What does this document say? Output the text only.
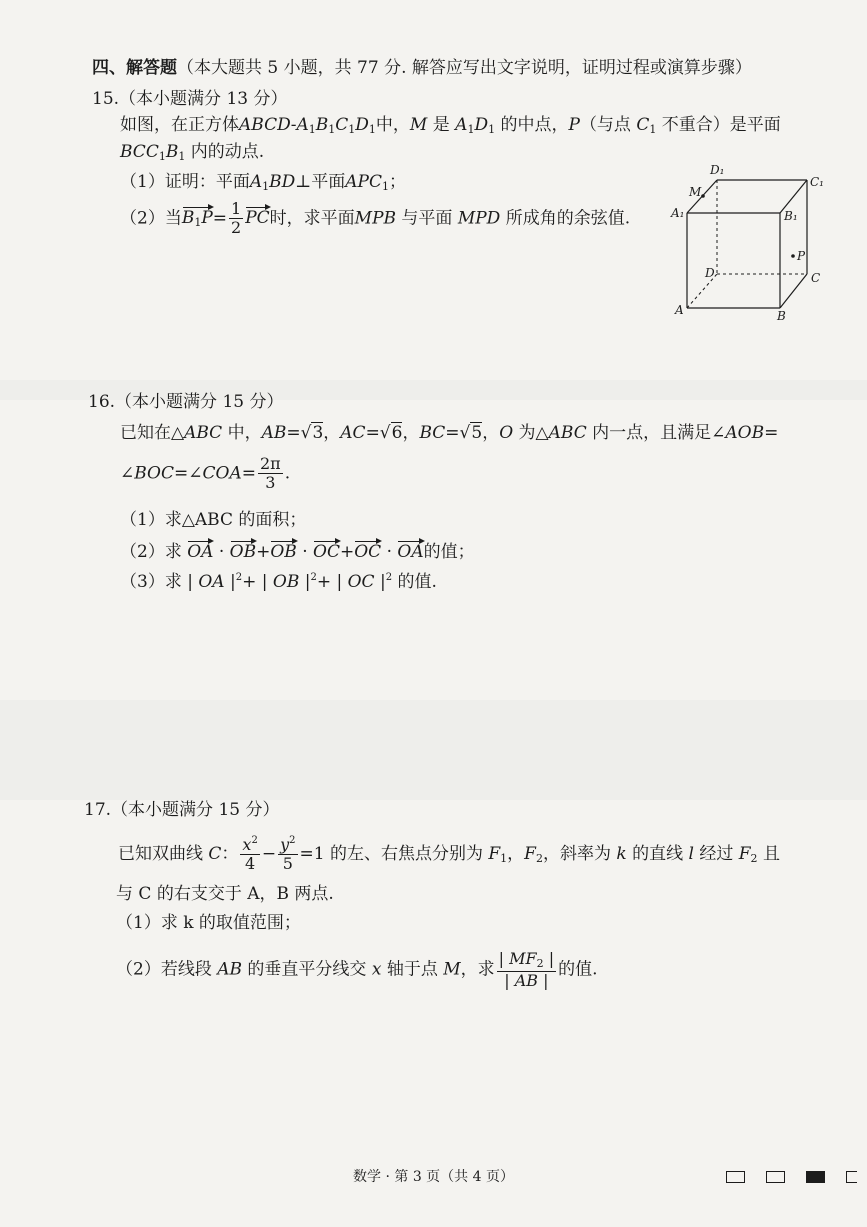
四、解答题（本大题共 5 小题，共 77 分. 解答应写出文字说明，证明过程或演算步骤）
15.（本小题满分 13 分）
如图，在正方体ABCD-$A_1B_1C_1D_1$中，M 是 $A_1D_1$ 的中点，P（与点 $C_1$ 不重合）是平面
$BCC_1B_1$ 内的动点.
（1）证明：平面$A_1BD\perp$平面$APC_1$；
（2）当$B_1P= \frac{1}{2}$ PC时，求平面MPB 与平面 MPD 所成角的余弦值.
D₁
C₁
M
A₁	B₁
P
D	C
A	B
16.（本小题满分 15 分）
已知在△ABC 中，AB=√3，AC=√6，BC=√5，O 为△ABC 内一点，且满足∠AOB=
∠BOC=∠COA= $\frac{2\pi}{3}$ .
（1）求△ABC 的面积；
（2）求 OA · OB+OB · OC+OC · OA的值；
（3）求 | OA $|^2+$ | OB $|^2+$ | OC $|^2$ 的值.
17.（本小题满分 15 分）
已知双曲线 C： $\frac{x^2}{4} - \frac{y^2}{5} =1$ 的左、右焦点分别为 $F_1$，$F_2$，斜率为 k 的直线 l 经过 $F_2$ 且
与 C 的右支交于 A，B 两点.
（1）求 k 的取值范围；
（2）若线段 AB 的垂直平分线交 x 轴于点 M，求 $\frac{| MF_2 |}{| AB |}$ 的值.
数学 · 第 3 页（共 4 页）
